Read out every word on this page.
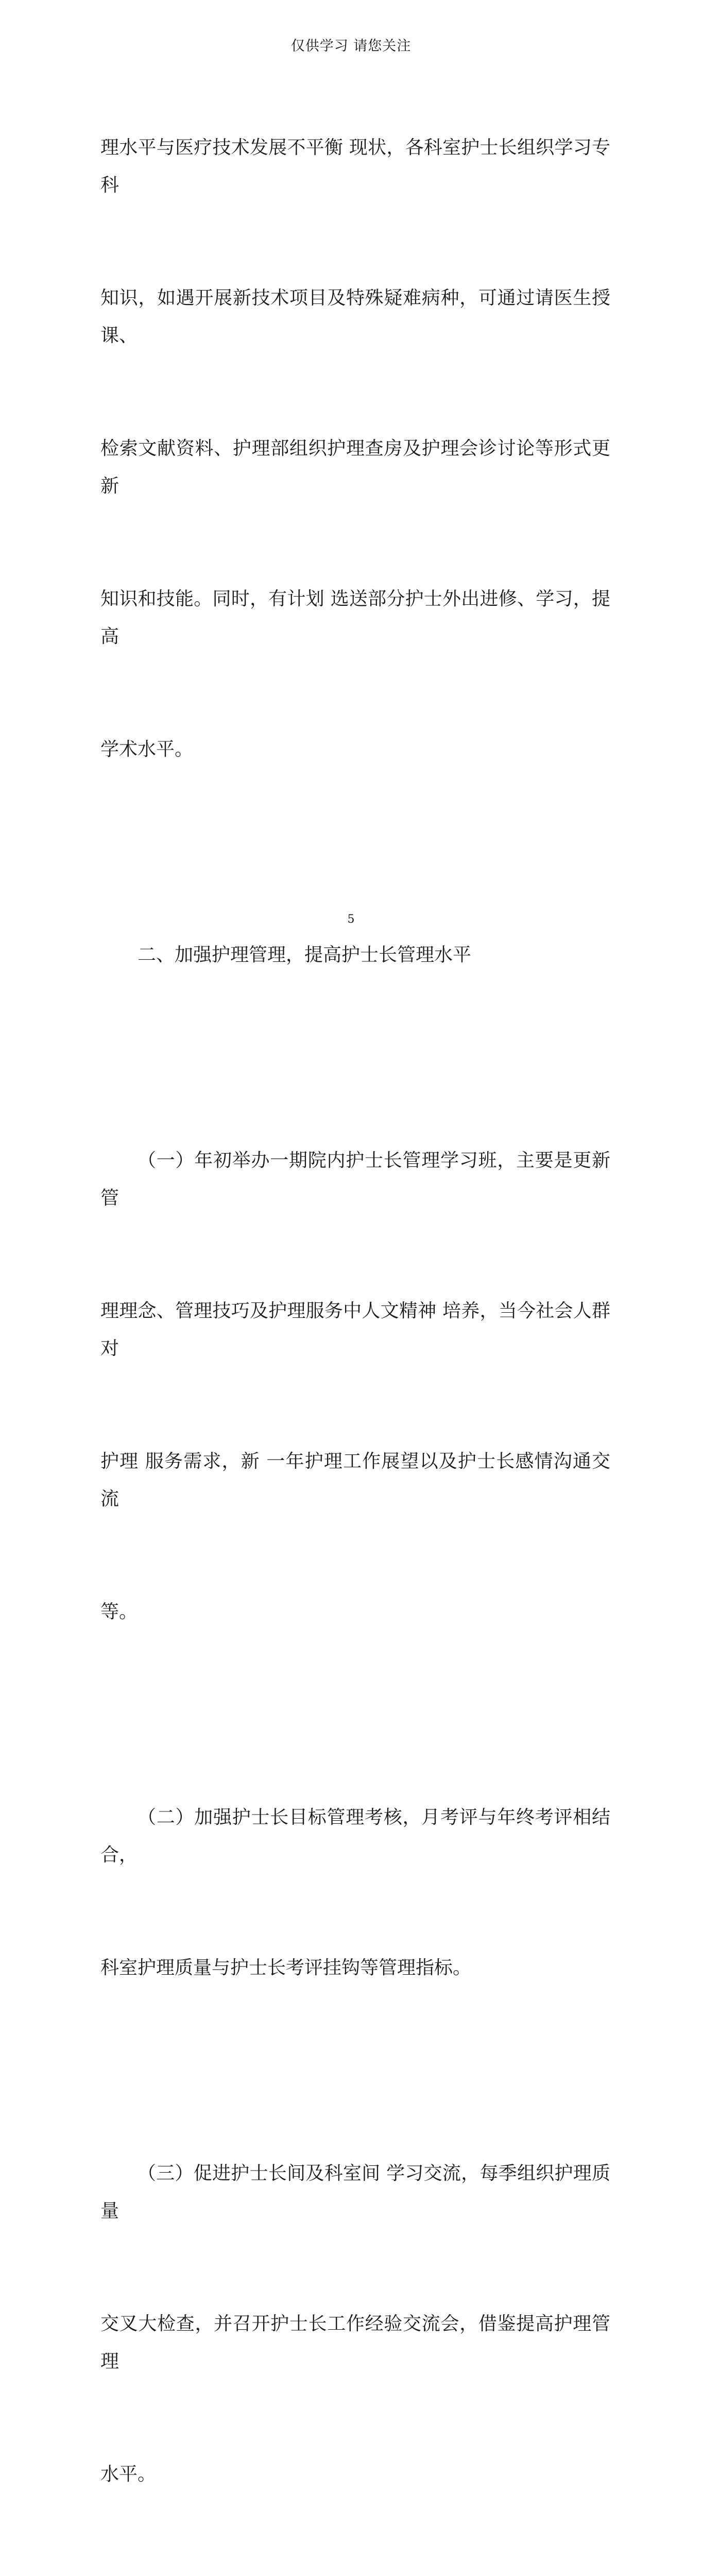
仅供学习 请您关注

理水平与医疗技术发展不平衡 现状，各科室护士长组织学习专科

知识，如遇开展新技术项目及特殊疑难病种，可通过请医生授课、

检索文献资料、护理部组织护理查房及护理会诊讨论等形式更新

知识和技能。同时，有计划 选送部分护士外出进修、学习，提高

学术水平。

二、加强护理管理，提高护士长管理水平

（一）年初举办一期院内护士长管理学习班，主要是更新管

理理念、管理技巧及护理服务中人文精神 培养，当今社会人群对

护理 服务需求，新 一年护理工作展望以及护士长感情沟通交流

等。

（二）加强护士长目标管理考核，月考评与年终考评相结合，

科室护理质量与护士长考评挂钩等管理指标。

（三）促进护士长间及科室间 学习交流，每季组织护理质量

交叉大检查，并召开护士长工作经验交流会，借鉴提高护理管理

水平。

5
